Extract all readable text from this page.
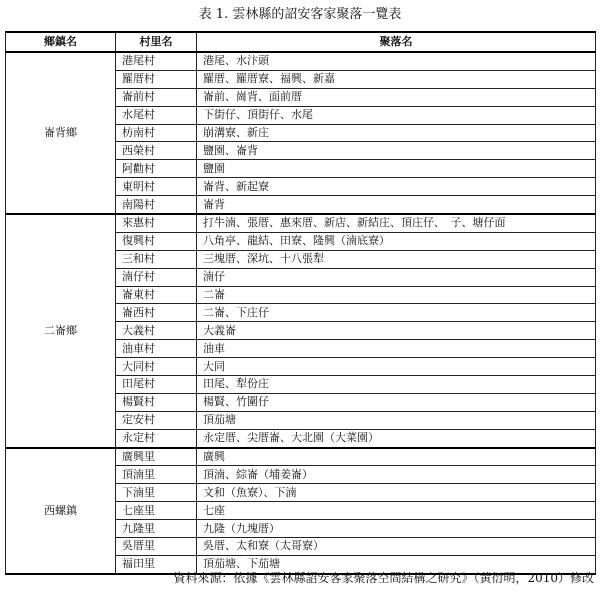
表 1. 雲林縣的詔安客家聚落一覽表
鄉鎮名	村里名	聚落名
崙背鄉	港尾村	港尾、水汴頭
	羅厝村	羅厝、羅厝寮、福興、新嘉
	崙前村	崙前、崗背、面前厝
	水尾村	下街仔、頂街仔、水尾
	枋南村	崩溝寮、新庄
	西榮村	鹽園、崙背
	阿勸村	鹽園
	東明村	崙背、新起寮
	南陽村	崙背
二崙鄉	來惠村	打牛湳、張厝、惠來厝、新店、新結庄、頂庄仔、　子、塘仔面
	復興村	八角亭、龍結、田寮、隆興（湳底寮）
	三和村	三塊厝、深坑、十八張犁
	湳仔村	湳仔
	崙東村	二崙
	崙西村	二崙、下庄仔
	大義村	大義崙
	油車村	油車
	大同村	大同
	田尾村	田尾、犁份庄
	楊賢村	楊賢、竹圍仔
	定安村	頂茄塘
	永定村	永定厝、尖厝崙、大北園（大菜園）
西螺鎮	廣興里	廣興
	頂湳里	頂湳、綜崙（埔姜崙）
	下湳里	文和（魚寮）、下湳
	七座里	七座
	九隆里	九隆（九塊厝）
	吳厝里	吳厝、太和寮（太哥寮）
	福田里	頂茄塘、下茄塘
資料來源：依據《雲林縣詔安客家聚落空間結構之研究》（黃衍明，2010）修改
